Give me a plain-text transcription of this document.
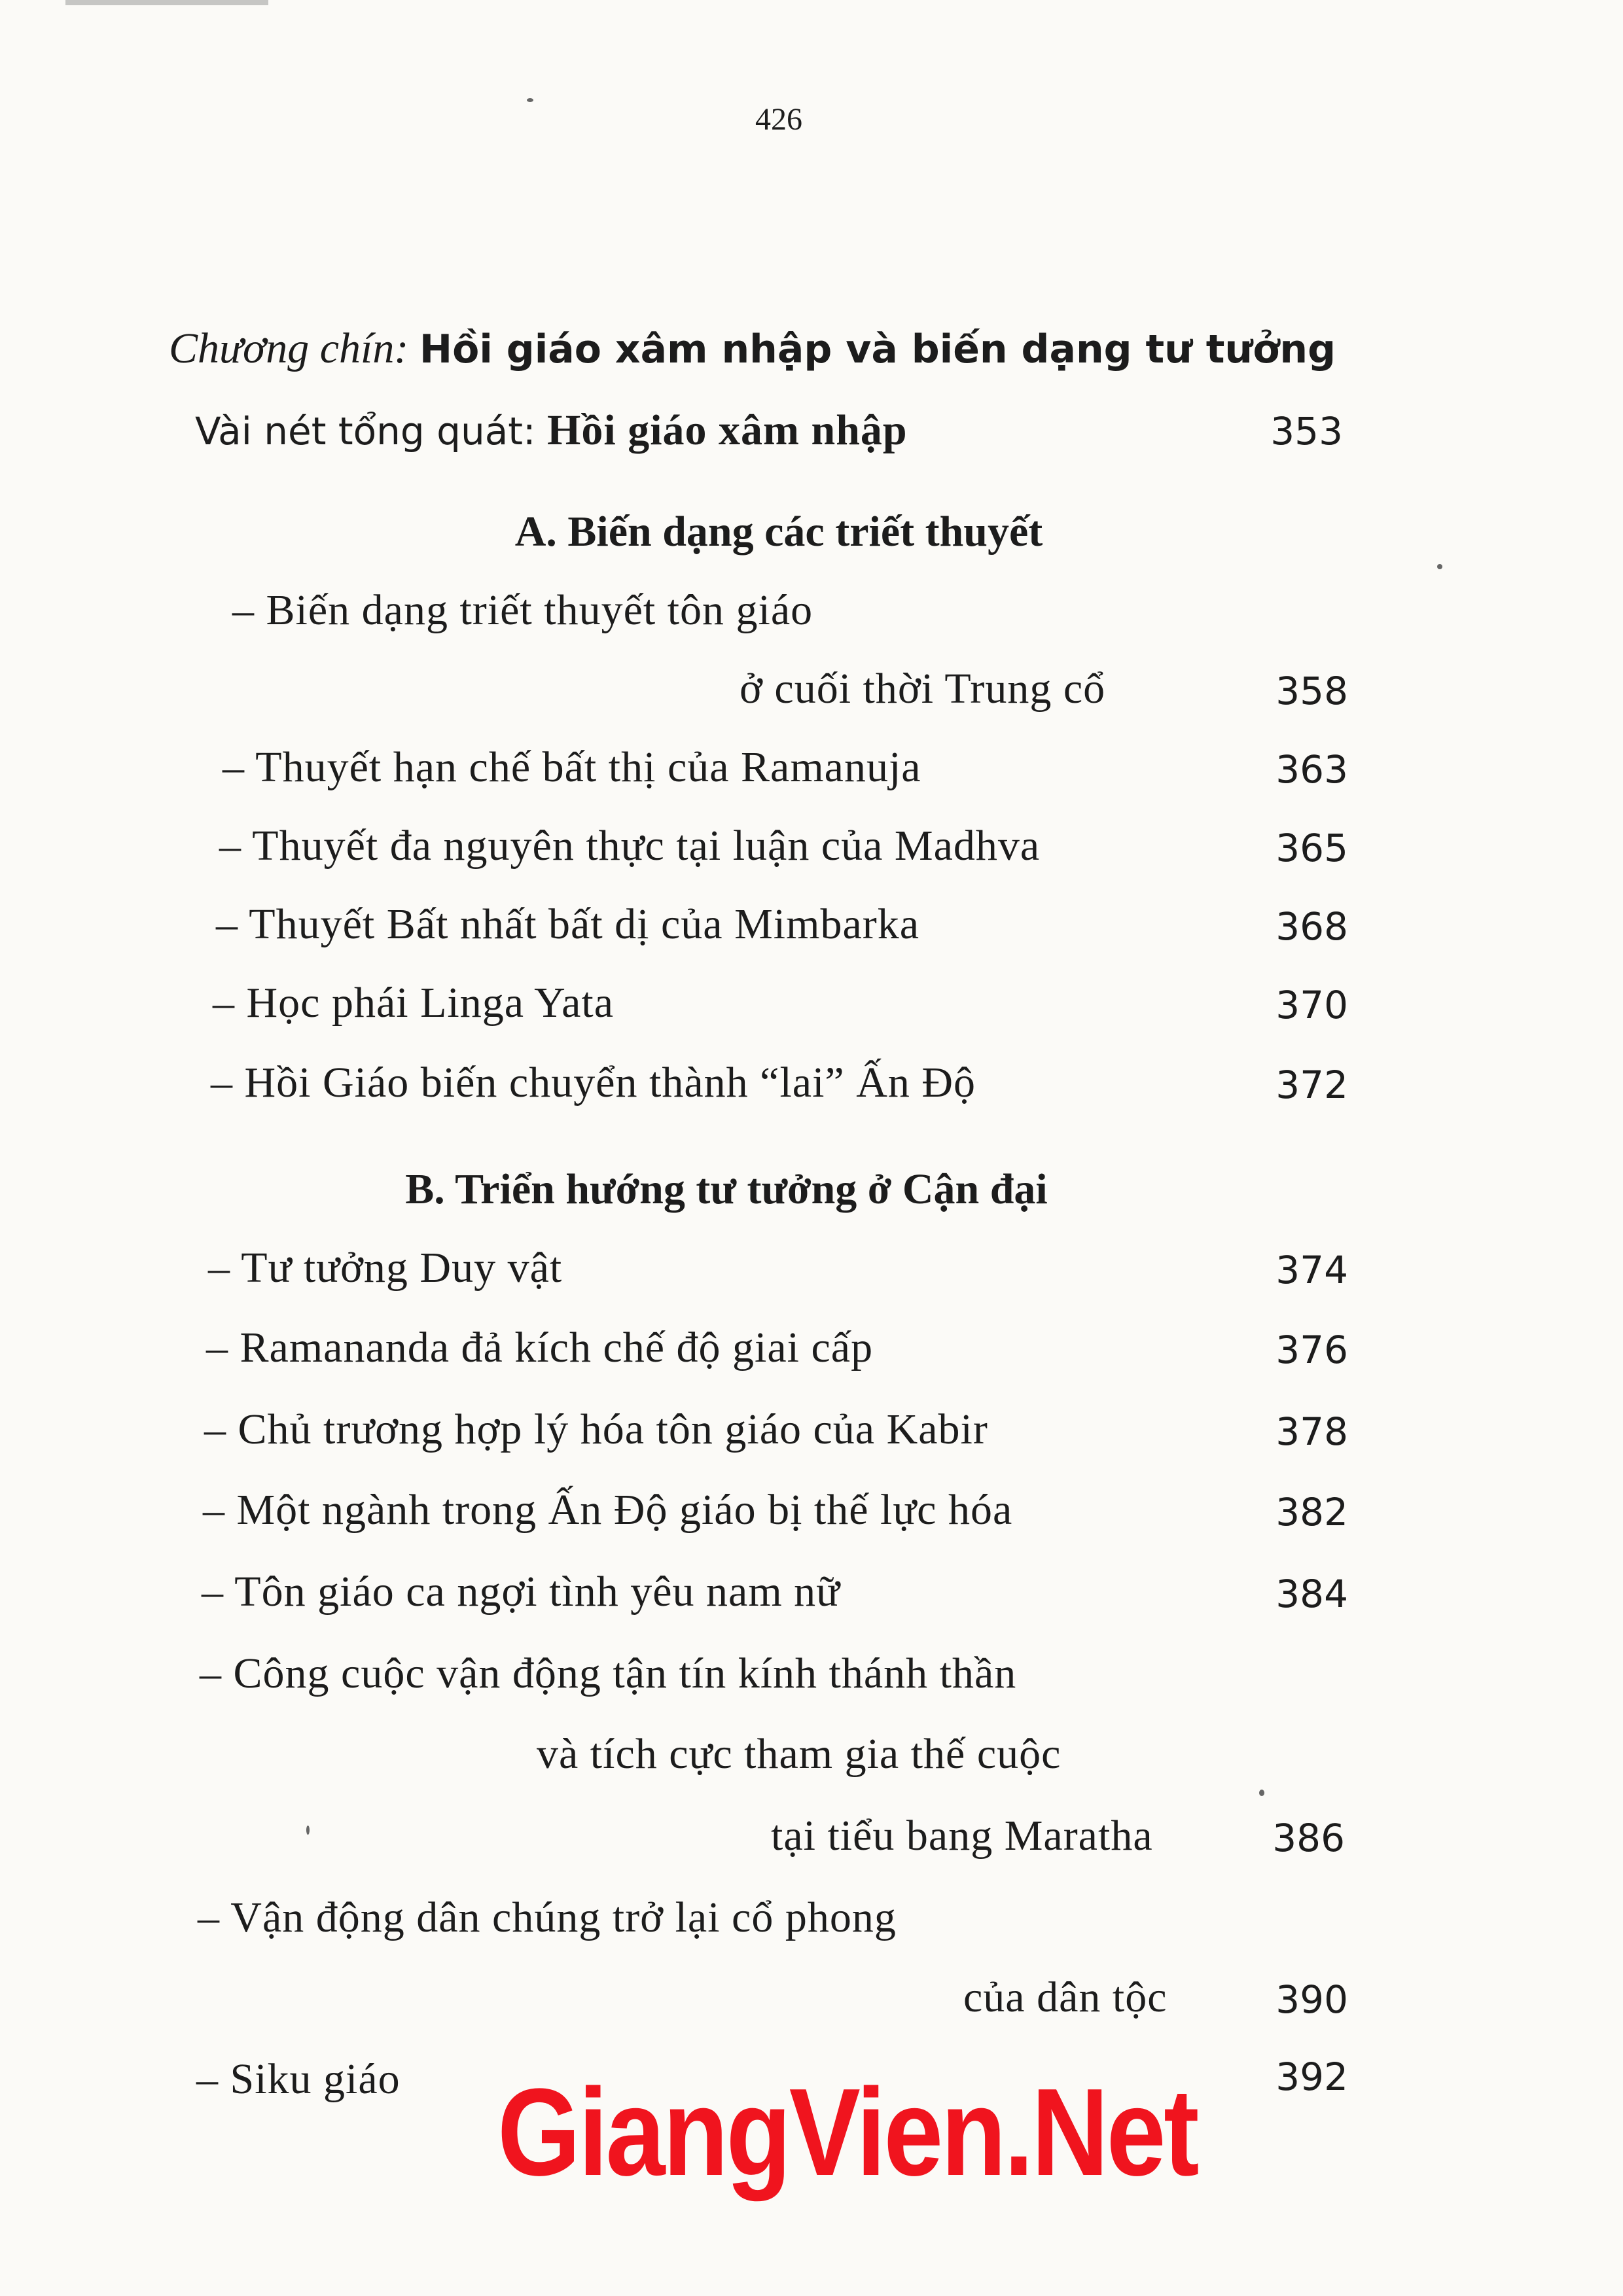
426
Chương chín: Hồi giáo xâm nhập và biến dạng tư tưởng
Vài nét tổng quát: Hồi giáo xâm nhập	353
A. Biến dạng các triết thuyết
– Biến dạng triết thuyết tôn giáo
ở cuối thời Trung cổ	358
– Thuyết hạn chế bất thị của Ramanuja	363
– Thuyết đa nguyên thực tại luận của Madhva	365
– Thuyết Bất nhất bất dị của Mimbarka	368
– Học phái Linga Yata	370
– Hồi Giáo biến chuyển thành “lai” Ấn Độ	372
B. Triển hướng tư tưởng ở Cận đại
– Tư tưởng Duy vật	374
– Ramananda đả kích chế độ giai cấp	376
– Chủ trương hợp lý hóa tôn giáo của Kabir	378
– Một ngành trong Ấn Độ giáo bị thế lực hóa	382
– Tôn giáo ca ngợi tình yêu nam nữ	384
– Công cuộc vận động tận tín kính thánh thần
và tích cực tham gia thế cuộc
tại tiểu bang Maratha	386
– Vận động dân chúng trở lại cổ phong
của dân tộc	390
– Siku giáo	392
GiangVien.Net
